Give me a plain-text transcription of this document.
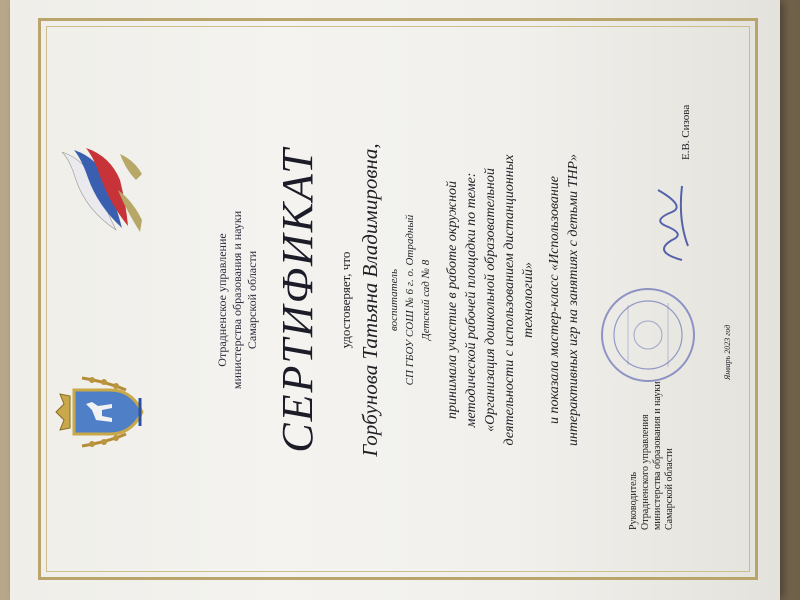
Отрадненское управление министерства образования и науки Самарской области СЕРТИФИКАТ удостоверяет, что Горбунова Татьяна Владимировна, воспитатель СП ГБОУ СОШ № 6 г. о. Отрадный Детский сад № 8 принимала участие в работе окружной методической рабочей площадки по теме: «Организация дошкольной образовательной деятельности с использованием дистанционных технологий» и показала мастер-класс «Использование интерактивных игр на занятиях с детьми ТНР»
Руководитель Отрадненского управления министерства образования и науки Самарской области
Е.В. Сизова
Январь 2023 год
